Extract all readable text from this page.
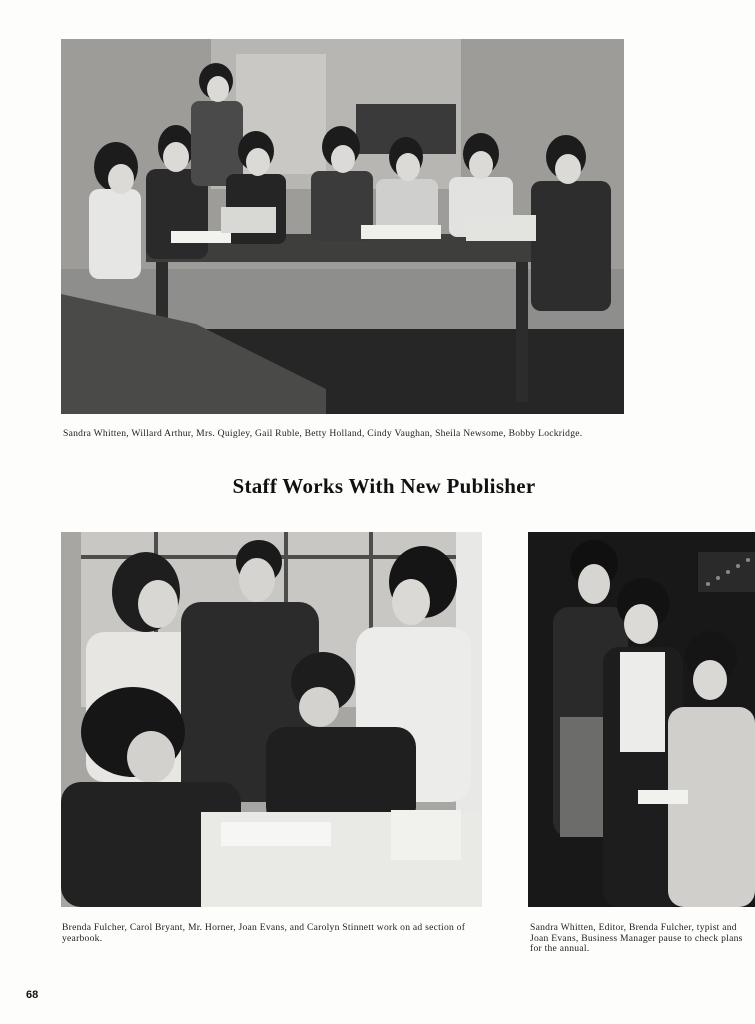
Sandra Whitten, Willard Arthur, Mrs. Quigley, Gail Ruble, Betty Holland, Cindy Vaughan, Sheila Newsome, Bobby Lockridge.
Staff Works With New Publisher
Brenda Fulcher, Carol Bryant, Mr. Horner, Joan Evans, and Carolyn Stinnett work on ad section of yearbook.
Sandra Whitten, Editor, Brenda Fulcher, typist and Joan Evans, Business Manager pause to check plans for the annual.
68
